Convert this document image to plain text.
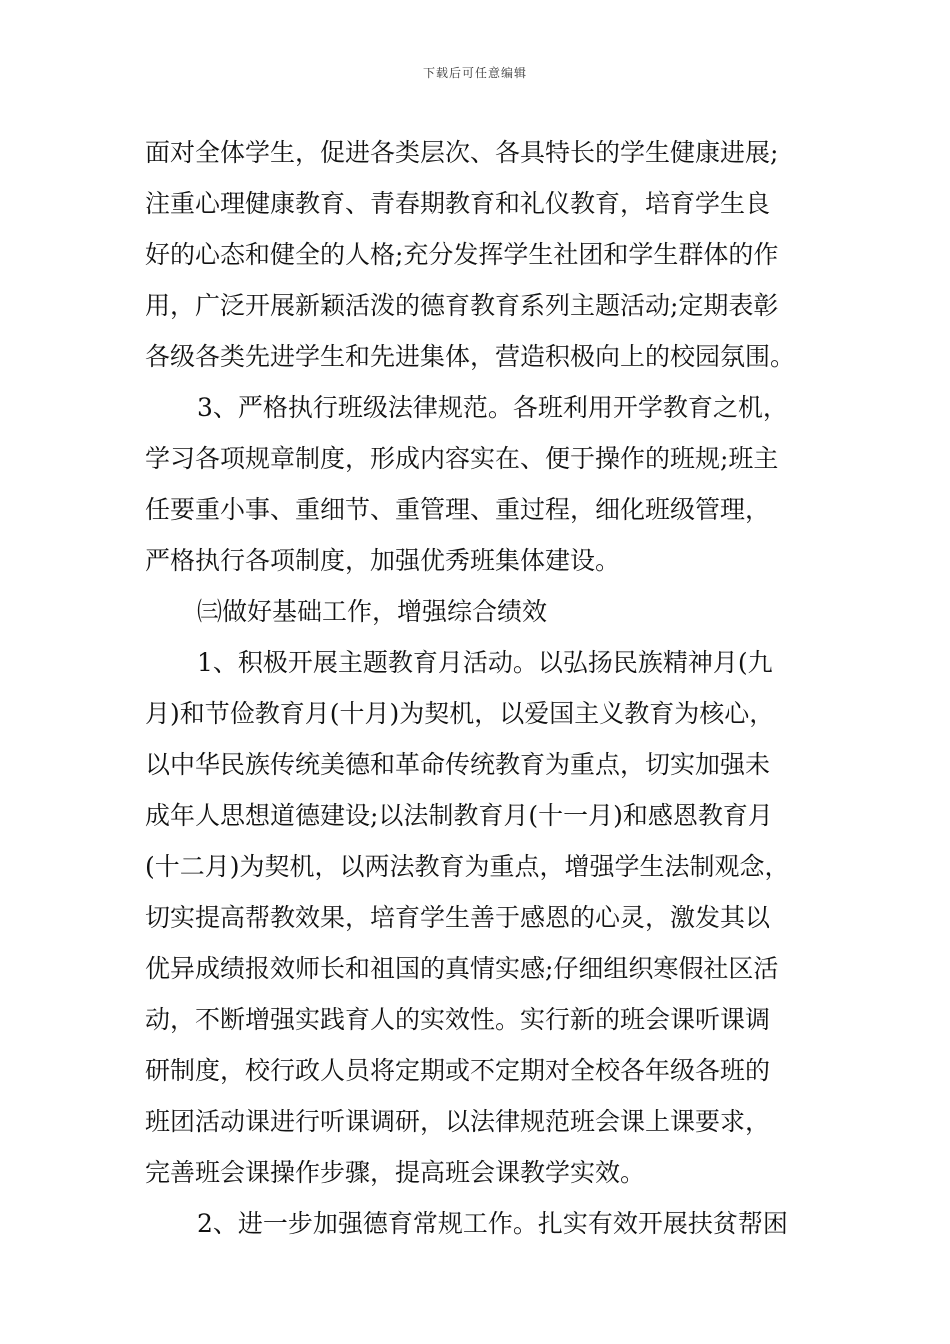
下载后可任意编辑
面对全体学生，促进各类层次、各具特长的学生健康进展;
注重心理健康教育、青春期教育和礼仪教育，培育学生良
好的心态和健全的人格;充分发挥学生社团和学生群体的作
用，广泛开展新颖活泼的德育教育系列主题活动;定期表彰
各级各类先进学生和先进集体，营造积极向上的校园氛围。
3、严格执行班级法律规范。各班利用开学教育之机，
学习各项规章制度，形成内容实在、便于操作的班规;班主
任要重小事、重细节、重管理、重过程，细化班级管理，
严格执行各项制度，加强优秀班集体建设。
㈢做好基础工作，增强综合绩效
1、积极开展主题教育月活动。以弘扬民族精神月(九
月)和节俭教育月(十月)为契机，以爱国主义教育为核心，
以中华民族传统美德和革命传统教育为重点，切实加强未
成年人思想道德建设;以法制教育月(十一月)和感恩教育月
(十二月)为契机，以两法教育为重点，增强学生法制观念，
切实提高帮教效果，培育学生善于感恩的心灵，激发其以
优异成绩报效师长和祖国的真情实感;仔细组织寒假社区活
动，不断增强实践育人的实效性。实行新的班会课听课调
研制度，校行政人员将定期或不定期对全校各年级各班的
班团活动课进行听课调研，以法律规范班会课上课要求，
完善班会课操作步骤，提高班会课教学实效。
2、进一步加强德育常规工作。扎实有效开展扶贫帮困
